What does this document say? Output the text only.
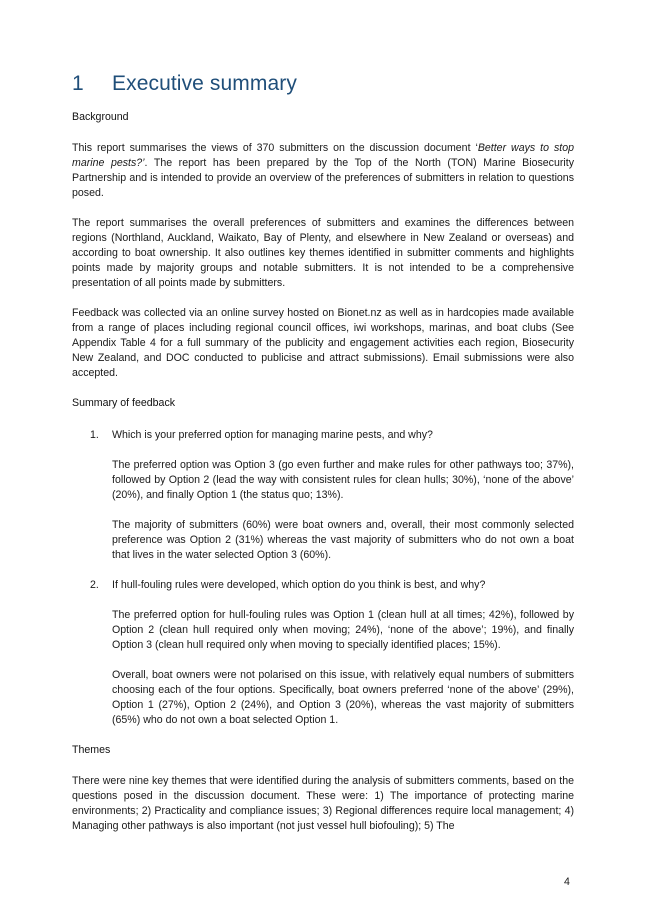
1 Executive summary
Background

This report summarises the views of 370 submitters on the discussion document ‘Better ways to stop marine pests?’. The report has been prepared by the Top of the North (TON) Marine Biosecurity Partnership and is intended to provide an overview of the preferences of submitters in relation to questions posed.

The report summarises the overall preferences of submitters and examines the differences between regions (Northland, Auckland, Waikato, Bay of Plenty, and elsewhere in New Zealand or overseas) and according to boat ownership. It also outlines key themes identified in submitter comments and highlights points made by majority groups and notable submitters. It is not intended to be a comprehensive presentation of all points made by submitters.

Feedback was collected via an online survey hosted on Bionet.nz as well as in hardcopies made available from a range of places including regional council offices, iwi workshops, marinas, and boat clubs (See Appendix Table 4 for a full summary of the publicity and engagement activities each region, Biosecurity New Zealand, and DOC conducted to publicise and attract submissions). Email submissions were also accepted.

Summary of feedback
1. Which is your preferred option for managing marine pests, and why?

The preferred option was Option 3 (go even further and make rules for other pathways too; 37%), followed by Option 2 (lead the way with consistent rules for clean hulls; 30%), ‘none of the above’ (20%), and finally Option 1 (the status quo; 13%).

The majority of submitters (60%) were boat owners and, overall, their most commonly selected preference was Option 2 (31%) whereas the vast majority of submitters who do not own a boat that lives in the water selected Option 3 (60%).

2. If hull-fouling rules were developed, which option do you think is best, and why?

The preferred option for hull-fouling rules was Option 1 (clean hull at all times; 42%), followed by Option 2 (clean hull required only when moving; 24%), ‘none of the above’; 19%), and finally Option 3 (clean hull required only when moving to specially identified places; 15%).

Overall, boat owners were not polarised on this issue, with relatively equal numbers of submitters choosing each of the four options. Specifically, boat owners preferred ‘none of the above’ (29%), Option 1 (27%), Option 2 (24%), and Option 3 (20%), whereas the vast majority of submitters (65%) who do not own a boat selected Option 1.

Themes

There were nine key themes that were identified during the analysis of submitters comments, based on the questions posed in the discussion document. These were: 1) The importance of protecting marine environments; 2) Practicality and compliance issues; 3) Regional differences require local management; 4) Managing other pathways is also important (not just vessel hull biofouling); 5) The

4
